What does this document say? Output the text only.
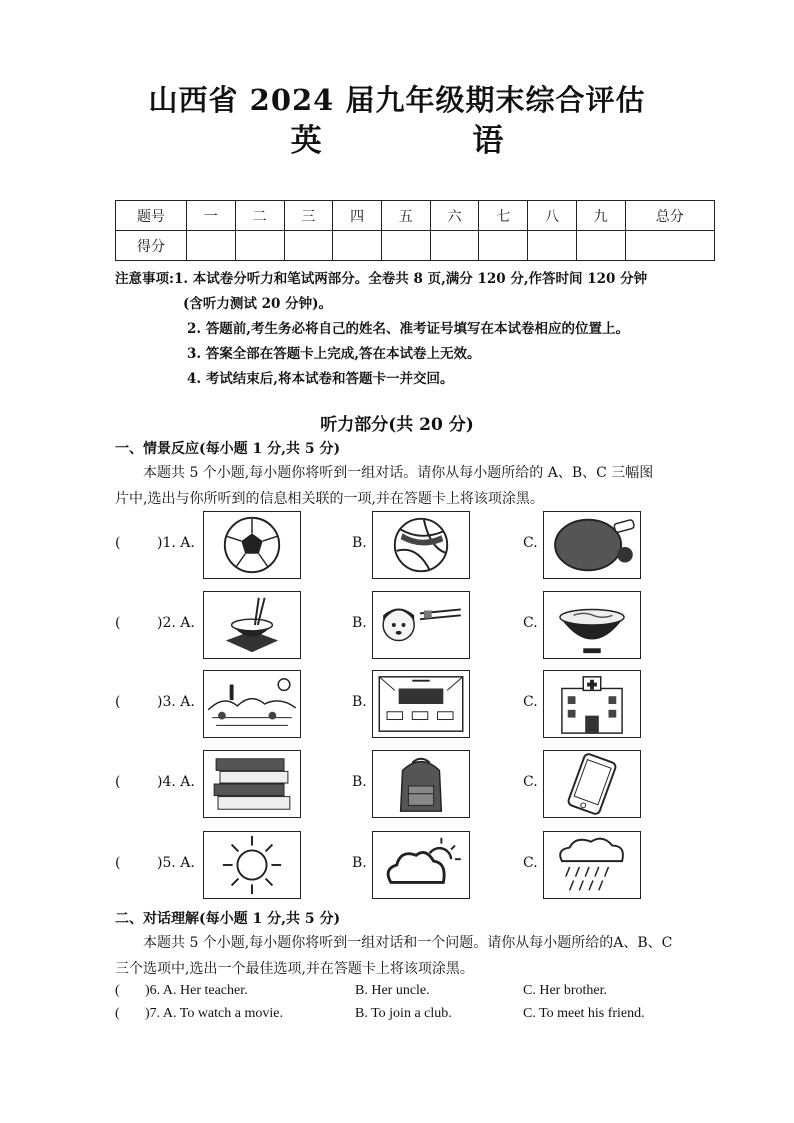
山西省 2024 届九年级期末综合评估
英 语
题号	一	二	三	四	五	六	七	八	九	总分
得分										
注意事项:1. 本试卷分听力和笔试两部分。全卷共 8 页,满分 120 分,作答时间 120 分钟
(含听力测试 20 分钟)。
2. 答题前,考生务必将自己的姓名、准考证号填写在本试卷相应的位置上。
3. 答案全部在答题卡上完成,答在本试卷上无效。
4. 考试结束后,将本试卷和答题卡一并交回。
听力部分(共 20 分)
一、情景反应(每小题 1 分,共 5 分)
本题共 5 个小题,每小题你将听到一组对话。请你从每小题所给的 A、B、C 三幅图
片中,选出与你所听到的信息相关联的一项,并在答题卡上将该项涂黑。
(	)1. A.	B.	C.
(	)2. A.	B.	C.
(	)3. A.	B.	C.
(	)4. A.	B.	C.
(	)5. A.	B.	C.
二、对话理解(每小题 1 分,共 5 分)
本题共 5 个小题,每小题你将听到一组对话和一个问题。请你从每小题所给的A、B、C
三个选项中,选出一个最佳选项,并在答题卡上将该项涂黑。
( )6. A. Her teacher.	B. Her uncle.	C. Her brother.
( )7. A. To watch a movie.	B. To join a club.	C. To meet his friend.
